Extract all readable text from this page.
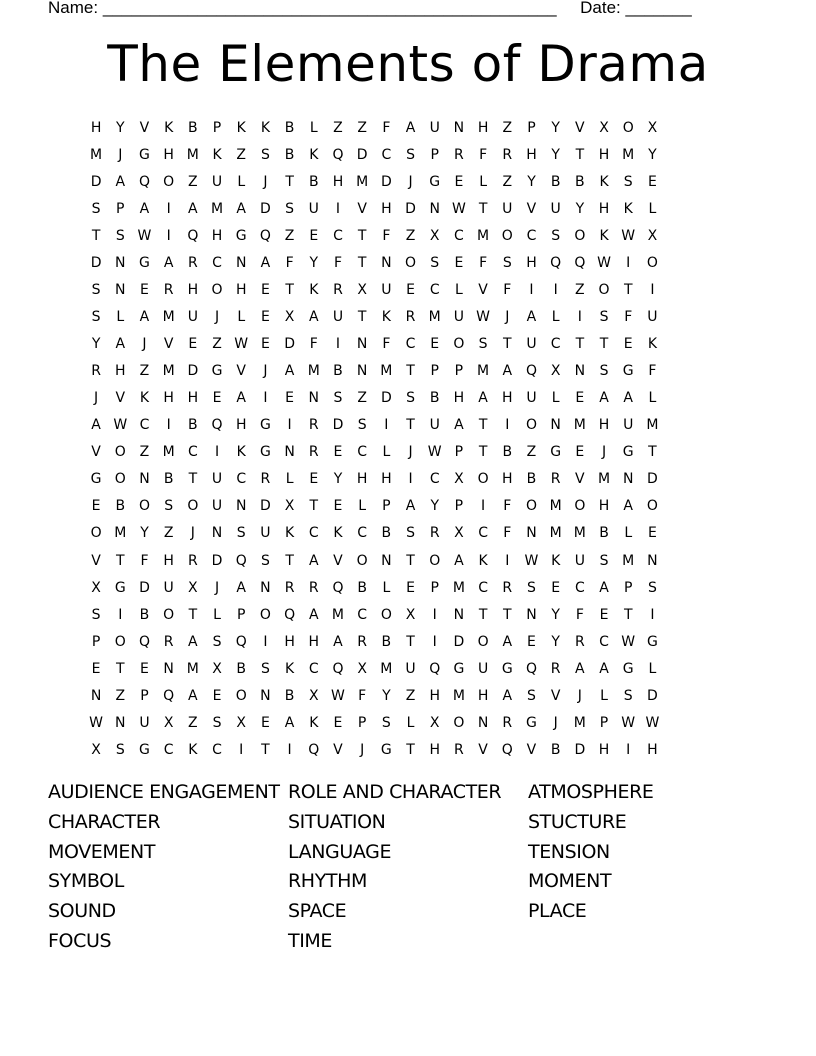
Name: ________________________________________________ Date: _______
The Elements of Drama
H	Y	V	K	B	P	K	K	B	L	Z	Z	F	A	U	N	H	Z	P	Y	V	X	O	X
M	J	G	H	M	K	Z	S	B	K	Q	D	C	S	P	R	F	R	H	Y	T	H	M	Y
D	A	Q	O	Z	U	L	J	T	B	H	M	D	J	G	E	L	Z	Y	B	B	K	S	E
S	P	A	I	A	M	A	D	S	U	I	V	H	D	N	W	T	U	V	U	Y	H	K	L
T	S	W	I	Q	H	G	Q	Z	E	C	T	F	Z	X	C	M	O	C	S	O	K	W	X
D	N	G	A	R	C	N	A	F	Y	F	T	N	O	S	E	F	S	H	Q	Q	W	I	O
S	N	E	R	H	O	H	E	T	K	R	X	U	E	C	L	V	F	I	I	Z	O	T	I
S	L	A	M	U	J	L	E	X	A	U	T	K	R	M	U	W	J	A	L	I	S	F	U
Y	A	J	V	E	Z	W	E	D	F	I	N	F	C	E	O	S	T	U	C	T	T	E	K
R	H	Z	M	D	G	V	J	A	M	B	N	M	T	P	P	M	A	Q	X	N	S	G	F
J	V	K	H	H	E	A	I	E	N	S	Z	D	S	B	H	A	H	U	L	E	A	A	L
A	W	C	I	B	Q	H	G	I	R	D	S	I	T	U	A	T	I	O	N	M	H	U	M
V	O	Z	M	C	I	K	G	N	R	E	C	L	J	W	P	T	B	Z	G	E	J	G	T
G	O	N	B	T	U	C	R	L	E	Y	H	H	I	C	X	O	H	B	R	V	M	N	D
E	B	O	S	O	U	N	D	X	T	E	L	P	A	Y	P	I	F	O	M	O	H	A	O
O	M	Y	Z	J	N	S	U	K	C	K	C	B	S	R	X	C	F	N	M	M	B	L	E
V	T	F	H	R	D	Q	S	T	A	V	O	N	T	O	A	K	I	W	K	U	S	M	N
X	G	D	U	X	J	A	N	R	R	Q	B	L	E	P	M	C	R	S	E	C	A	P	S
S	I	B	O	T	L	P	O	Q	A	M	C	O	X	I	N	T	T	N	Y	F	E	T	I
P	O	Q	R	A	S	Q	I	H	H	A	R	B	T	I	D	O	A	E	Y	R	C	W	G
E	T	E	N	M	X	B	S	K	C	Q	X	M	U	Q	G	U	G	Q	R	A	A	G	L
N	Z	P	Q	A	E	O	N	B	X	W	F	Y	Z	H	M	H	A	S	V	J	L	S	D
W	N	U	X	Z	S	X	E	A	K	E	P	S	L	X	O	N	R	G	J	M	P	W	W
X	S	G	C	K	C	I	T	I	Q	V	J	G	T	H	R	V	Q	V	B	D	H	I	H
AUDIENCE ENGAGEMENT
CHARACTER
MOVEMENT
SYMBOL
SOUND
FOCUS
ROLE AND CHARACTER
SITUATION
LANGUAGE
RHYTHM
SPACE
TIME
ATMOSPHERE
STUCTURE
TENSION
MOMENT
PLACE
